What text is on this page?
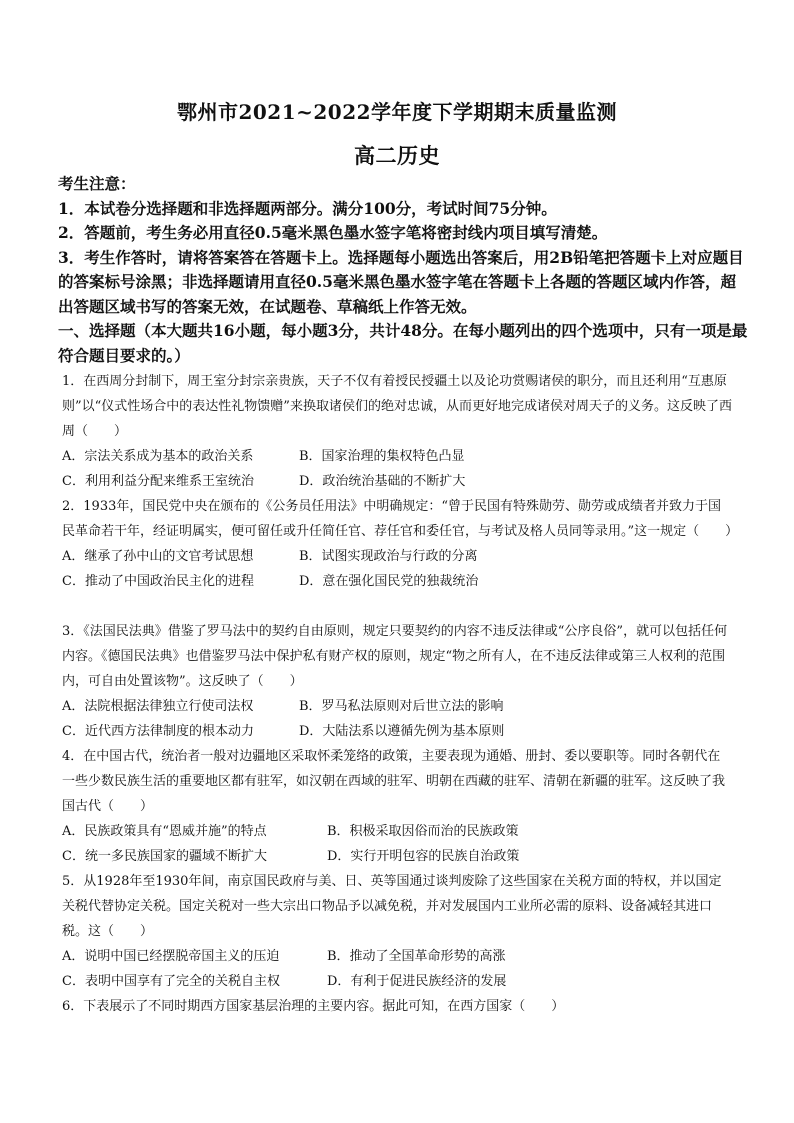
鄂州市2021~2022学年度下学期期末质量监测
高二历史

考生注意：

1．本试卷分选择题和非选择题两部分。满分100分，考试时间75分钟。

2．答题前，考生务必用直径0.5毫米黑色墨水签字笔将密封线内项目填写清楚。

3．考生作答时，请将答案答在答题卡上。选择题每小题选出答案后，用2B铅笔把答题卡上对应题目的答案标号涂黑；非选择题请用直径0.5毫米黑色墨水签字笔在答题卡上各题的答题区域内作答，超出答题区域书写的答案无效，在试题卷、草稿纸上作答无效。

一、选择题（本大题共16小题，每小题3分，共计48分。在每小题列出的四个选项中，只有一项是最符合题目要求的。）

1．在西周分封制下，周王室分封宗亲贵族，天子不仅有着授民授疆土以及论功赏赐诸侯的职分，而且还利用“互惠原则”以“仪式性场合中的表达性礼物馈赠”来换取诸侯们的绝对忠诚，从而更好地完成诸侯对周天子的义务。这反映了西周（　　）

A．宗法关系成为基本的政治关系	B．国家治理的集权特色凸显
C．利用利益分配来维系王室统治	D．政治统治基础的不断扩大

2．1933年，国民党中央在颁布的《公务员任用法》中明确规定：“曾于民国有特殊勋劳、勋劳或成绩者并致力于国民革命若干年，经证明属实，便可留任或升任简任官、荐任官和委任官，与考试及格人员同等录用。”这一规定（　　）

A．继承了孙中山的文官考试思想	B．试图实现政治与行政的分离
C．推动了中国政治民主化的进程	D．意在强化国民党的独裁统治

3．《法国民法典》借鉴了罗马法中的契约自由原则，规定只要契约的内容不违反法律或“公序良俗”，就可以包括任何内容。《德国民法典》也借鉴罗马法中保护私有财产权的原则，规定“物之所有人，在不违反法律或第三人权利的范围内，可自由处置该物”。这反映了（　　）

A．法院根据法律独立行使司法权	B．罗马私法原则对后世立法的影响
C．近代西方法律制度的根本动力	D．大陆法系以遵循先例为基本原则

4．在中国古代，统治者一般对边疆地区采取怀柔笼络的政策，主要表现为通婚、册封、委以要职等。同时各朝代在一些少数民族生活的重要地区都有驻军，如汉朝在西域的驻军、明朝在西藏的驻军、清朝在新疆的驻军。这反映了我国古代（　　）

A．民族政策具有“恩威并施”的特点	B．积极采取因俗而治的民族政策
C．统一多民族国家的疆域不断扩大	D．实行开明包容的民族自治政策

5．从1928年至1930年间，南京国民政府与美、日、英等国通过谈判废除了这些国家在关税方面的特权，并以国定关税代替协定关税。国定关税对一些大宗出口物品予以减免税，并对发展国内工业所必需的原料、设备减轻其进口税。这（　　）

A．说明中国已经摆脱帝国主义的压迫	B．推动了全国革命形势的高涨
C．表明中国享有了完全的关税自主权	D．有利于促进民族经济的发展

6．下表展示了不同时期西方国家基层治理的主要内容。据此可知，在西方国家（　　）
